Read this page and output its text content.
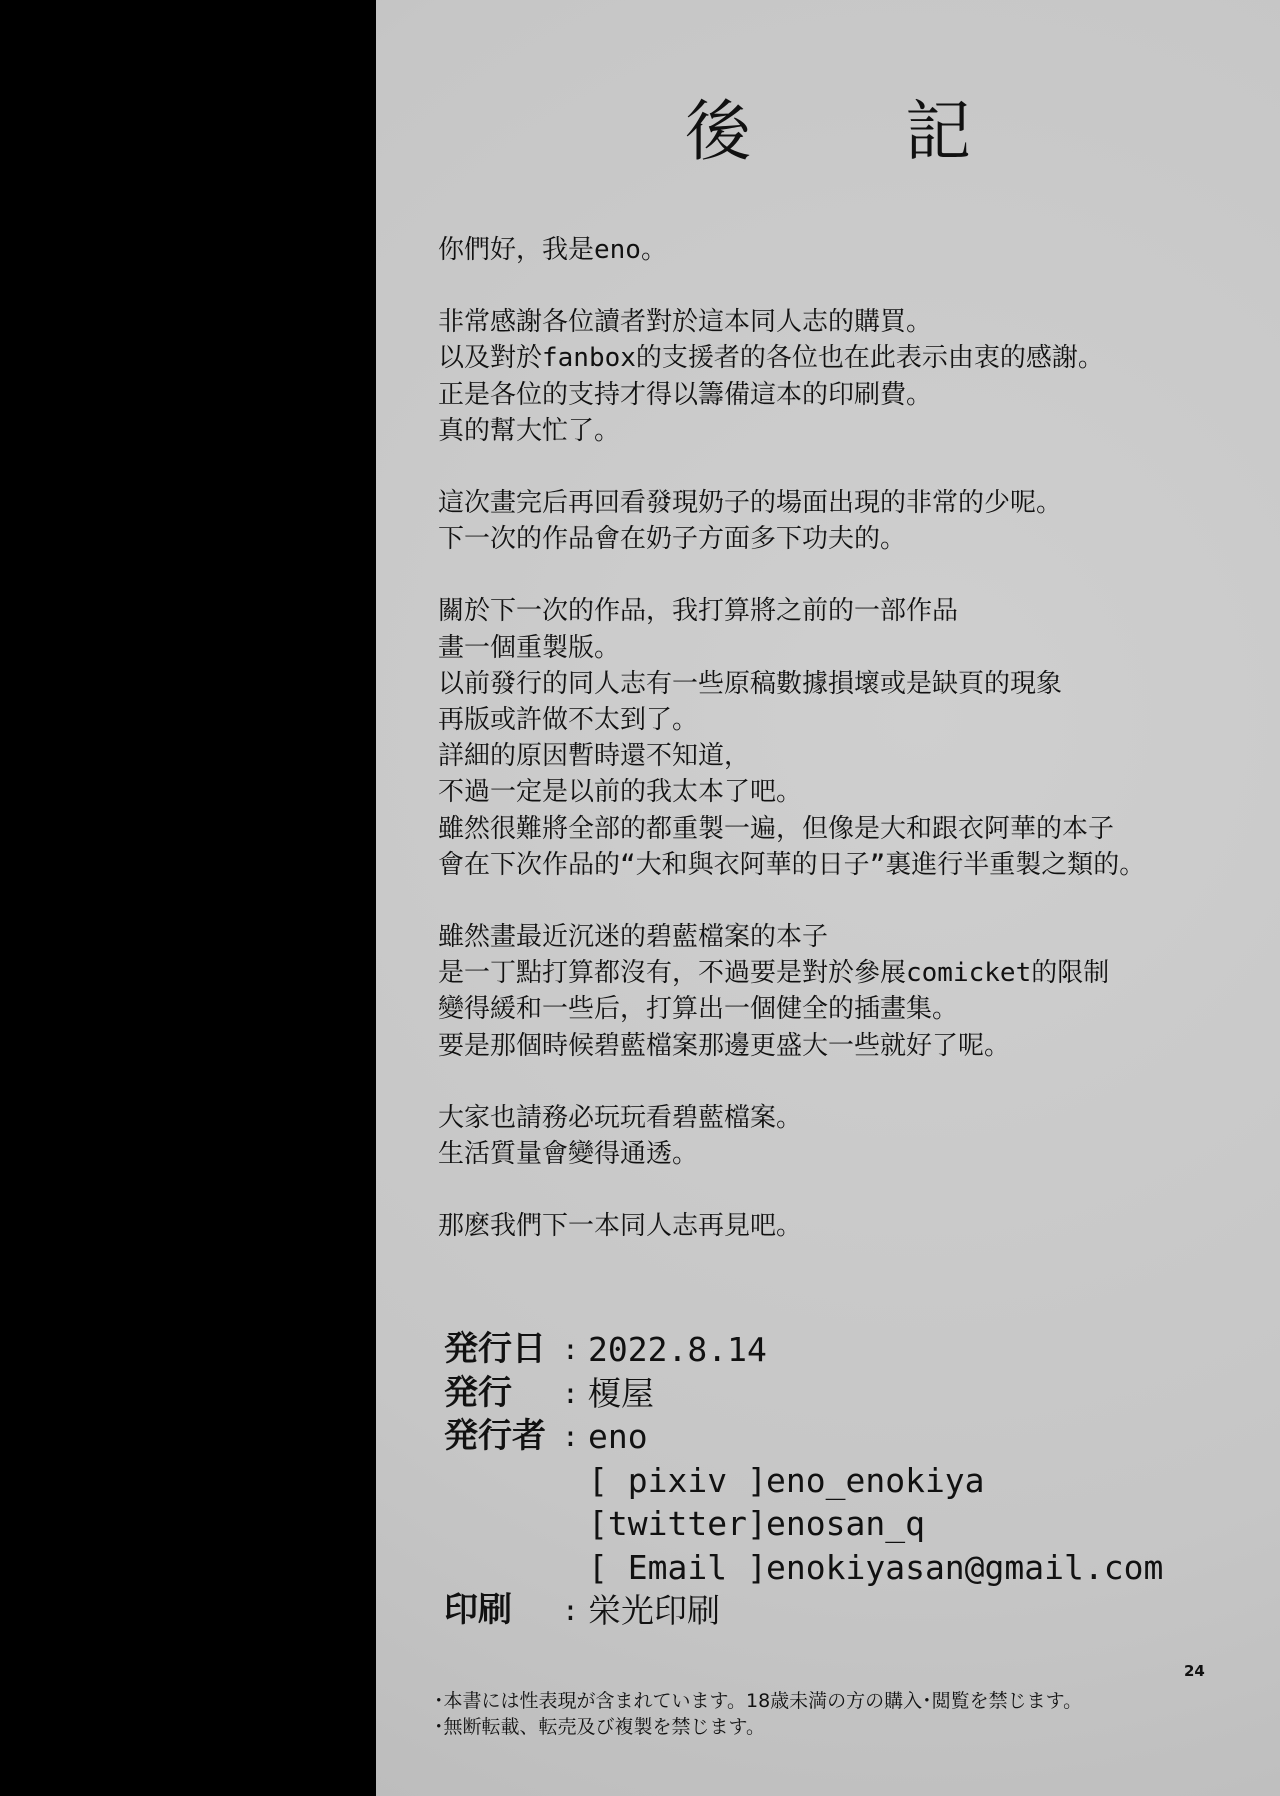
後　記
你們好，我是eno。
非常感謝各位讀者對於這本同人志的購買。
以及對於fanbox的支援者的各位也在此表示由衷的感謝。
正是各位的支持才得以籌備這本的印刷費。
真的幫大忙了。
這次畫完后再回看發現奶子的場面出現的非常的少呢。
下一次的作品會在奶子方面多下功夫的。
關於下一次的作品，我打算將之前的一部作品
畫一個重製版。
以前發行的同人志有一些原稿數據損壞或是缺頁的現象
再版或許做不太到了。
詳細的原因暫時還不知道，
不過一定是以前的我太本了吧。
雖然很難將全部的都重製一遍，但像是大和跟衣阿華的本子
會在下次作品的“大和與衣阿華的日子”裏進行半重製之類的。
雖然畫最近沉迷的碧藍檔案的本子
是一丁點打算都沒有，不過要是對於參展comicket的限制
變得緩和一些后，打算出一個健全的插畫集。
要是那個時候碧藍檔案那邊更盛大一些就好了呢。
大家也請務必玩玩看碧藍檔案。
生活質量會變得通透。
那麽我們下一本同人志再見吧。
発行日 : 2022.8.14
発行	: 榎屋
発行者 : eno
[ pixiv ] eno_enokiya
[twitter] enosan_q
[ Email ] enokiyasan@gmail.com
印刷	: 栄光印刷
24
･本書には性表現が含まれています。18歳未満の方の購入･閲覧を禁じます。
･無断転載、転売及び複製を禁じます。
